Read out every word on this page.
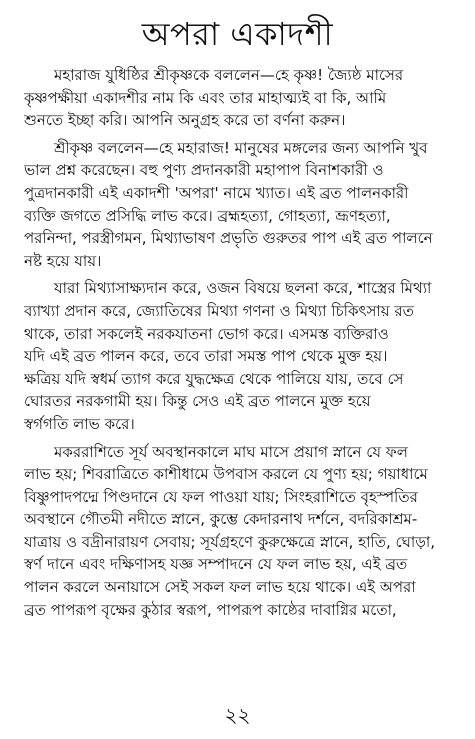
অপরা একাদশী

মহারাজ যুধিষ্ঠির শ্রীকৃষ্ণকে বললেন—হে কৃষ্ণ! জ্যৈষ্ঠ মাসের
কৃষ্ণপক্ষীয়া একাদশীর নাম কি এবং তার মাহাত্ম্যই বা কি, আমি
শুনতে ইচ্ছা করি। আপনি অনুগ্রহ করে তা বর্ণনা করুন।

শ্রীকৃষ্ণ বললেন—হে মহারাজ! মানুষের মঙ্গলের জন্য আপনি খুব
ভাল প্রশ্ন করেছেন। বহু পুণ্য প্রদানকারী মহাপাপ বিনাশকারী ও
পুত্রদানকারী এই একাদশী 'অপরা' নামে খ্যাত। এই ব্রত পালনকারী
ব্যক্তি জগতে প্রসিদ্ধি লাভ করে। ব্রহ্মহত্যা, গোহত্যা, ভ্রূণহত্যা,
পরনিন্দা, পরস্ত্রীগমন, মিথ্যাভাষণ প্রভৃতি গুরুতর পাপ এই ব্রত পালনে
নষ্ট হয়ে যায়।

যারা মিথ্যাসাক্ষ্যদান করে, ওজন বিষয়ে ছলনা করে, শাস্ত্রের মিথ্যা
ব্যাখ্যা প্রদান করে, জ্যোতিষের মিথ্যা গণনা ও মিথ্যা চিকিৎসায় রত
থাকে, তারা সকলেই নরকযাতনা ভোগ করে। এসমস্ত ব্যক্তিরাও
যদি এই ব্রত পালন করে, তবে তারা সমস্ত পাপ থেকে মুক্ত হয়।
ক্ষত্রিয় যদি স্বধর্ম ত্যাগ করে যুদ্ধক্ষেত্র থেকে পালিয়ে যায়, তবে সে
ঘোরতর নরকগামী হয়। কিন্তু সেও এই ব্রত পালনে মুক্ত হয়ে
স্বর্গগতি লাভ করে।

মকররাশিতে সূর্য অবস্থানকালে মাঘ মাসে প্রয়াগ স্নানে যে ফল
লাভ হয়; শিবরাত্রিতে কাশীধামে উপবাস করলে যে পুণ্য হয়; গয়াধামে
বিষ্ণুপাদপদ্মে পিণ্ডদানে যে ফল পাওয়া যায়; সিংহরাশিতে বৃহস্পতির
অবস্থানে গৌতমী নদীতে স্নানে, কুম্ভে কেদারনাথ দর্শনে, বদরিকাশ্রম-
যাত্রায় ও বদ্রীনারায়ণ সেবায়; সূর্যগ্রহণে কুরুক্ষেত্রে স্নানে, হাতি, ঘোড়া,
স্বর্ণ দানে এবং দক্ষিণাসহ যজ্ঞ সম্পাদনে যে ফল লাভ হয়, এই ব্রত
পালন করলে অনায়াসে সেই সকল ফল লাভ হয়ে থাকে। এই অপরা
ব্রত পাপরূপ বৃক্ষের কুঠার স্বরূপ, পাপরূপ কাষ্ঠের দাবাগ্নির মতো,

২২
